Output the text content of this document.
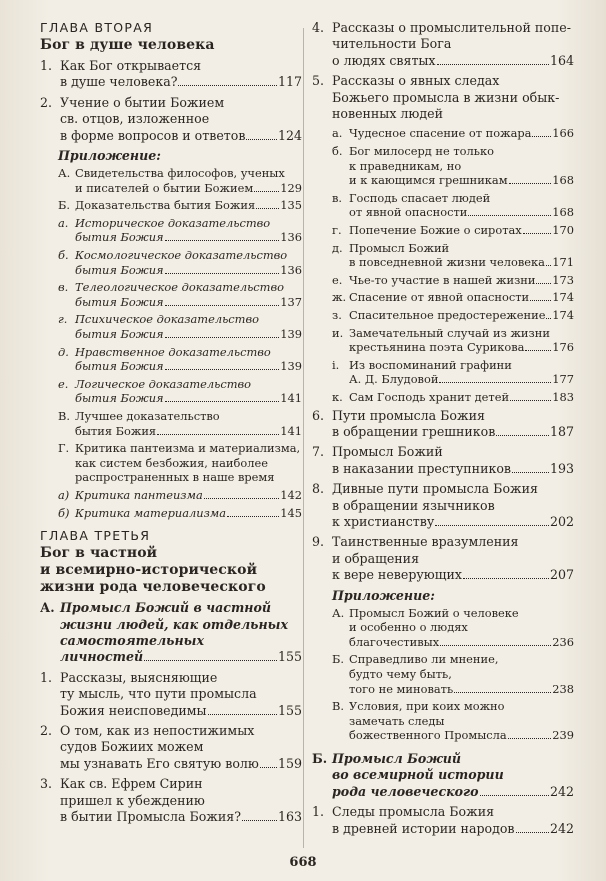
ГЛАВА ВТОРАЯ
Бог в душе человека
1. Как Бог открывается
в душе человека?	117
2. Учение о бытии Божием
св. отцов, изложенное
в форме вопросов и ответов	124
Приложение:
А. Свидетельства философов, ученых
и писателей о бытии Божием 129
Б. Доказательства бытия Божия 135
а. Историческое доказательство
бытия Божия	136
б. Космологическое доказательство
бытия Божия	136
в. Телеологическое доказательство
бытия Божия	137
г. Психическое доказательство
бытия Божия	139
д. Нравственное доказательство
бытия Божия	139
е. Логическое доказательство
бытия Божия	141
В. Лучшее доказательство
бытия Божия	141
Г. Критика пантеизма и материализма,
как систем безбожия, наиболее
распространенных в наше время
а) Критика пантеизма	142
б) Критика материализма	145
ГЛАВА ТРЕТЬЯ
Бог в частной
и всемирно-исторической
жизни рода человеческого
А. Промысл Божий в частной
жизни людей, как отдельных
самостоятельных
личностей	155
1. Рассказы, выясняющие
ту мысль, что пути промысла
Божия неисповедимы	155
2. О том, как из непостижимых
судов Божиих можем
мы узнавать Его святую волю 159
3. Как св. Ефрем Сирин
пришел к убеждению
в бытии Промысла Божия?	163
4. Рассказы о промыслительной попе-
чительности Бога
о людях святых	164
5. Рассказы о явных следах
Божьего промысла в жизни обык-
новенных людей
а. Чудесное спасение от пожара 166
б. Бог милосерд не только
к праведникам, но
и к кающимся грешникам	168
в. Господь спасает людей
от явной опасности	168
г. Попечение Божие о сиротах	170
д. Промысл Божий
в повседневной жизни человека 171
е. Чье-то участие в нашей жизни 173
ж. Спасение от явной опасности 174
з. Спасительное предостережение 174
и. Замечательный случай из жизни
крестьянина поэта Сурикова 176
i. Из воспоминаний графини
А. Д. Блудовой	177
к. Сам Господь хранит детей	183
6. Пути промысла Божия
в обращении грешников	187
7. Промысл Божий
в наказании преступников	193
8. Дивные пути промысла Божия
в обращении язычников
к христианству	202
9. Таинственные вразумления
и обращения
к вере неверующих	207
Приложение:
А. Промысл Божий о человеке
и особенно о людях
благочестивых	236
Б. Справедливо ли мнение,
будто чему быть,
того не миновать	238
В. Условия, при коих можно
замечать следы
божественного Промысла	239
Б. Промысл Божий
во всемирной истории
рода человеческого	242
1. Следы промысла Божия
в древней истории народов	242
668
